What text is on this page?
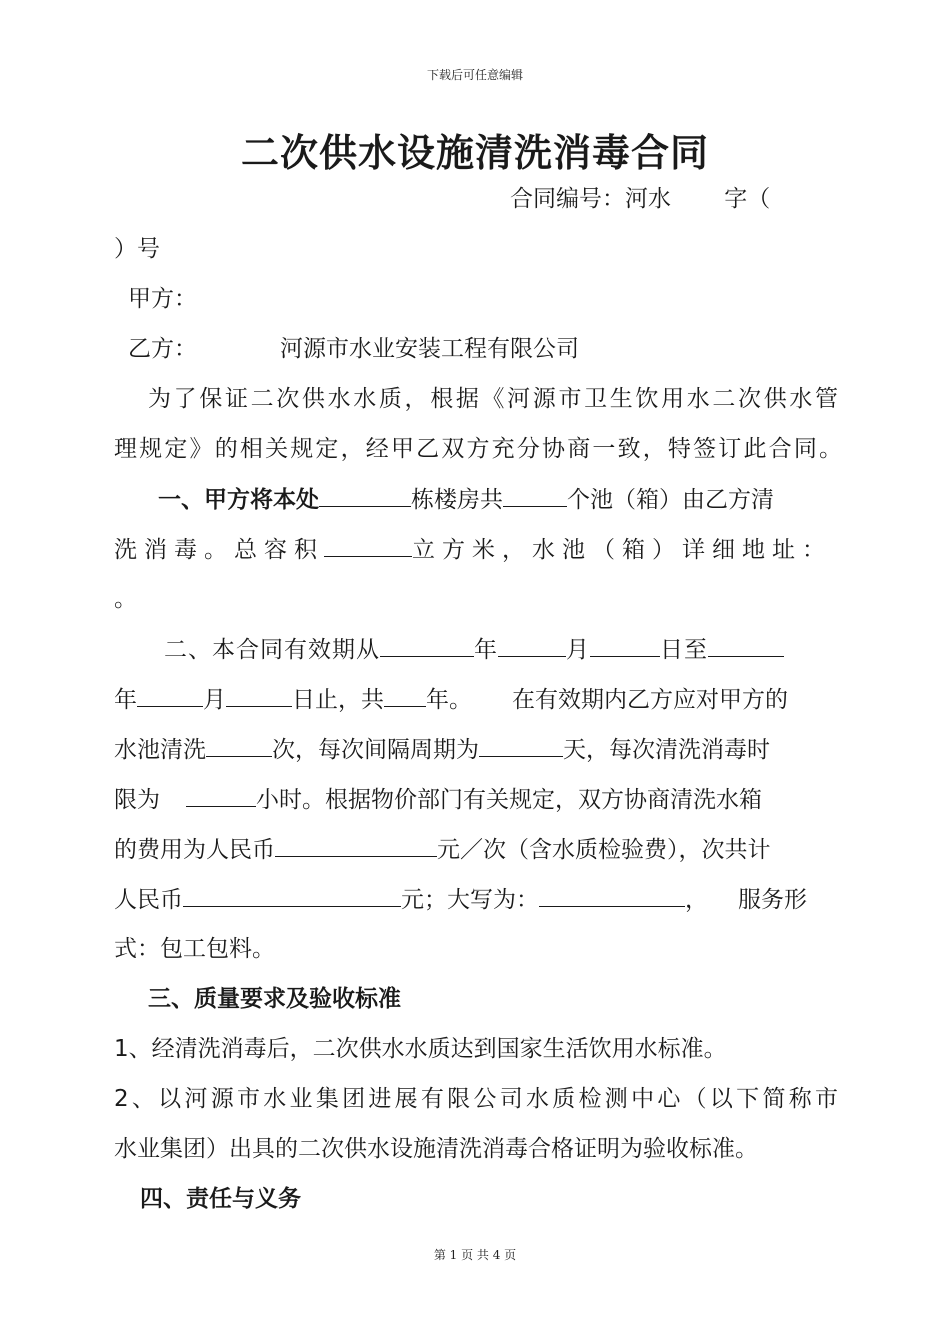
下载后可任意编辑
二次供水设施清洗消毒合同
合同编号：河水　　 字（
）号
甲方：
乙方：	河源市水业安装工程有限公司
为了保证二次供水水质，根据《河源市卫生饮用水二次供水管
理规定》的相关规定，经甲乙双方充分协商一致，特签订此合同。
一、甲方将本处	栋楼房共	个池（箱）由乙方清
洗消毒。总容积	立方米，水池（箱）详细地址：
。
二、本合同有效期从	年	月	日至
年	月	日止，共 年。 在有效期内乙方应对甲方的
水池清洗	次，每次间隔周期为	天，每次清洗消毒时
限为	小时。根据物价部门有关规定，双方协商清洗水箱
的费用为人民币	元／次（含水质检验费），次共计
人民币	元；大写为：	， 服务形
式：包工包料。
三、质量要求及验收标准
1、经清洗消毒后，二次供水水质达到国家生活饮用水标准。
2、以河源市水业集团进展有限公司水质检测中心（以下简称市
水业集团）出具的二次供水设施清洗消毒合格证明为验收标准。
四、责任与义务
第 1 页 共 4 页
